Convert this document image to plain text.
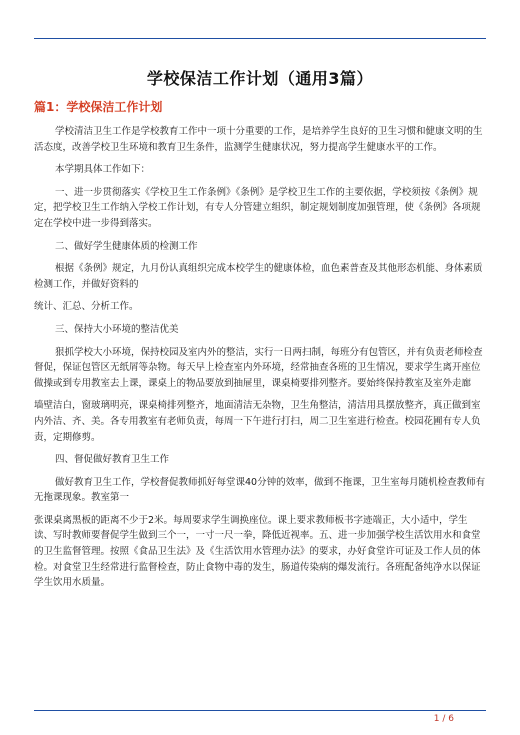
学校保洁工作计划（通用3篇）
篇1：学校保洁工作计划

学校清洁卫生工作是学校教育工作中一项十分重要的工作，是培养学生良好的卫生习惯和健康文明的生活态度，改善学校卫生环境和教育卫生条件，监测学生健康状况，努力提高学生健康水平的工作。

本学期具体工作如下：

一、进一步贯彻落实《学校卫生工作条例》《条例》是学校卫生工作的主要依据，学校须按《条例》规定，把学校卫生工作纳入学校工作计划，有专人分管建立组织，制定规划制度加强管理，使《条例》各项规定在学校中进一步得到落实。

二、做好学生健康体质的检测工作

根据《条例》规定，九月份认真组织完成本校学生的健康体检，血色素普查及其他形态机能、身体素质检测工作，并做好资料的

统计、汇总、分析工作。

三、保持大小环境的整洁优美

狠抓学校大小环境，保持校园及室内外的整洁，实行一日两扫制，每班分有包管区，并有负责老师检查督促，保证包管区无纸屑等杂物。每天早上检查室内外环境，经常抽查各班的卫生情况，要求学生离开座位做操或到专用教室去上课，课桌上的物品要放到抽屉里，课桌椅要排列整齐。要始终保持教室及室外走廊

墙壁洁白，窗玻璃明亮，课桌椅排列整齐，地面清洁无杂物，卫生角整洁，清洁用具摆放整齐，真正做到室内外洁、齐、美。各专用教室有老师负责，每周一下午进行打扫，周二卫生室进行检查。校园花圃有专人负责，定期修剪。

四、督促做好教育卫生工作

做好教育卫生工作，学校督促教师抓好每堂课40分钟的效率，做到不拖课，卫生室每月随机检查教师有无拖课现象。教室第一

张课桌离黑板的距离不少于2米。每周要求学生调换座位。课上要求教师板书字迹端正，大小适中，学生读、写时教师要督促学生做到三个一，一寸一尺一拳，降低近视率。五、进一步加强学校生活饮用水和食堂的卫生监督管理。按照《食品卫生法》及《生活饮用水管理办法》的要求，办好食堂许可证及工作人员的体检。对食堂卫生经常进行监督检查，防止食物中毒的发生，肠道传染病的爆发流行。各班配备纯净水以保证学生饮用水质量。

1 / 6
